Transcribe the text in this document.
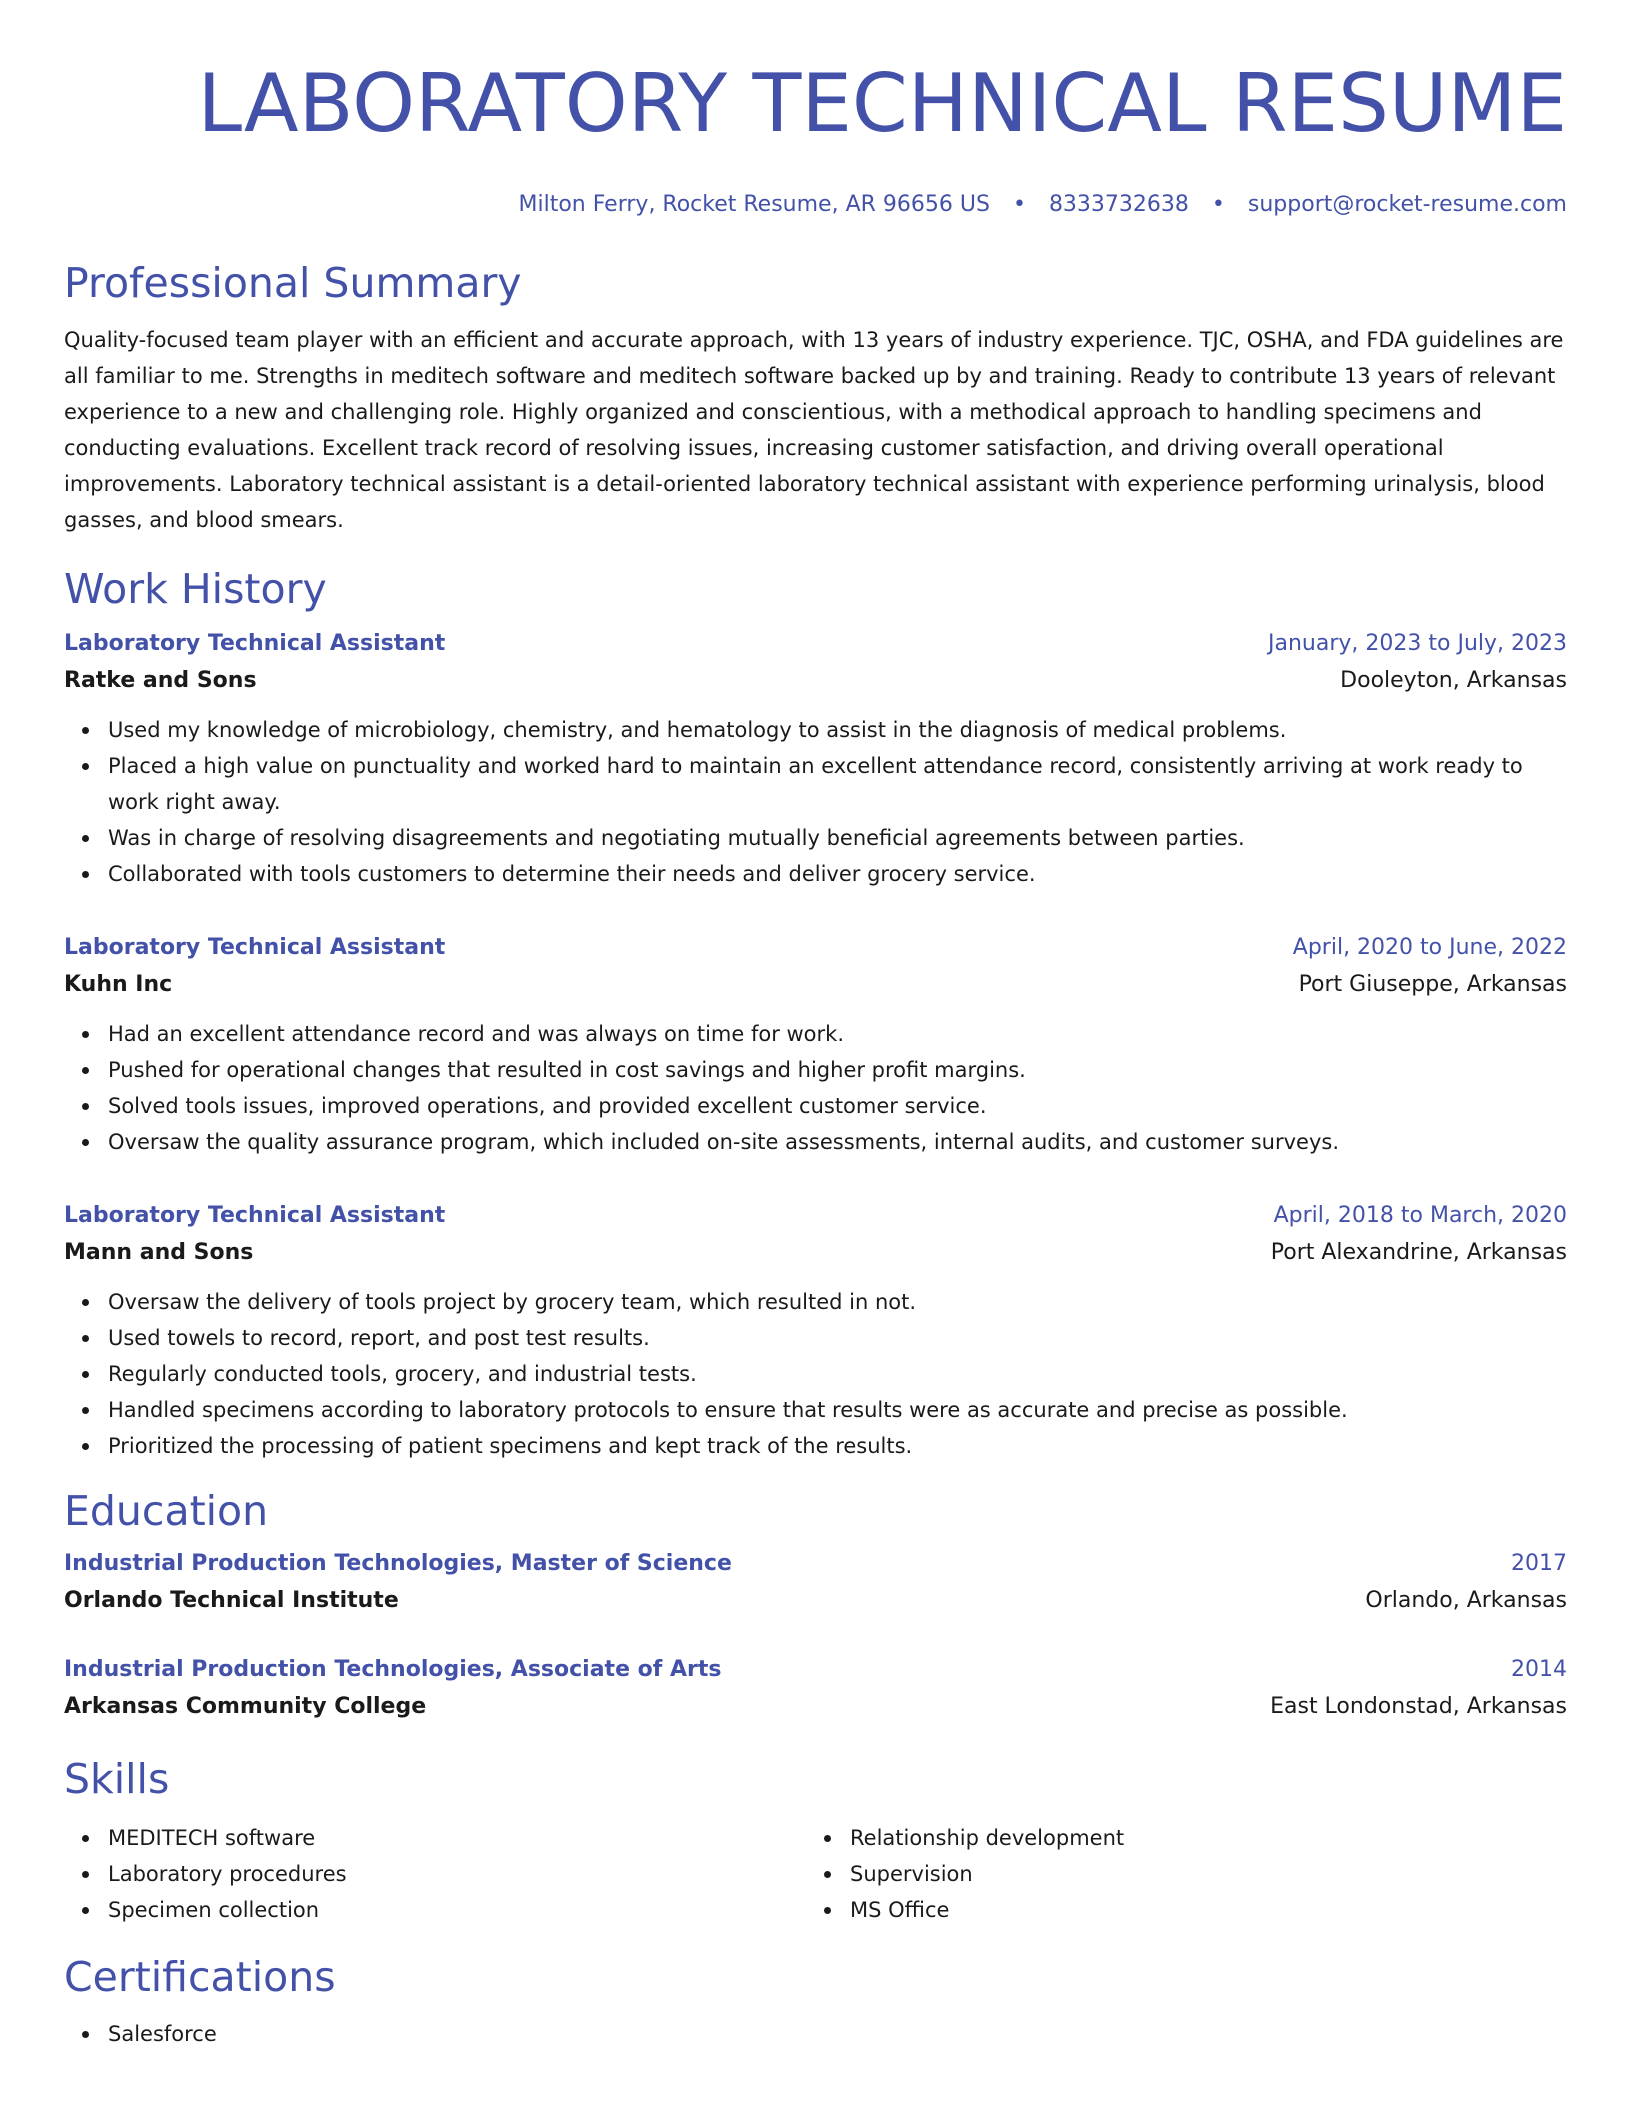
LABORATORY TECHNICAL RESUME
Milton Ferry, Rocket Resume, AR 96656 US • 8333732638 • support@rocket-resume.com
Professional Summary
Quality-focused team player with an efficient and accurate approach, with 13 years of industry experience. TJC, OSHA, and FDA guidelines are all familiar to me. Strengths in meditech software and meditech software backed up by and training. Ready to contribute 13 years of relevant experience to a new and challenging role. Highly organized and conscientious, with a methodical approach to handling specimens and conducting evaluations. Excellent track record of resolving issues, increasing customer satisfaction, and driving overall operational improvements. Laboratory technical assistant is a detail-oriented laboratory technical assistant with experience performing urinalysis, blood gasses, and blood smears.
Work History
Laboratory Technical Assistant	January, 2023 to July, 2023
Ratke and Sons	Dooleyton, Arkansas
Used my knowledge of microbiology, chemistry, and hematology to assist in the diagnosis of medical problems.
Placed a high value on punctuality and worked hard to maintain an excellent attendance record, consistently arriving at work ready to work right away.
Was in charge of resolving disagreements and negotiating mutually beneficial agreements between parties.
Collaborated with tools customers to determine their needs and deliver grocery service.
Laboratory Technical Assistant	April, 2020 to June, 2022
Kuhn Inc	Port Giuseppe, Arkansas
Had an excellent attendance record and was always on time for work.
Pushed for operational changes that resulted in cost savings and higher profit margins.
Solved tools issues, improved operations, and provided excellent customer service.
Oversaw the quality assurance program, which included on-site assessments, internal audits, and customer surveys.
Laboratory Technical Assistant	April, 2018 to March, 2020
Mann and Sons	Port Alexandrine, Arkansas
Oversaw the delivery of tools project by grocery team, which resulted in not.
Used towels to record, report, and post test results.
Regularly conducted tools, grocery, and industrial tests.
Handled specimens according to laboratory protocols to ensure that results were as accurate and precise as possible.
Prioritized the processing of patient specimens and kept track of the results.
Education
Industrial Production Technologies, Master of Science	2017
Orlando Technical Institute	Orlando, Arkansas
Industrial Production Technologies, Associate of Arts	2014
Arkansas Community College	East Londonstad, Arkansas
Skills
MEDITECH software
Laboratory procedures
Specimen collection
Relationship development
Supervision
MS Office
Certifications
Salesforce
